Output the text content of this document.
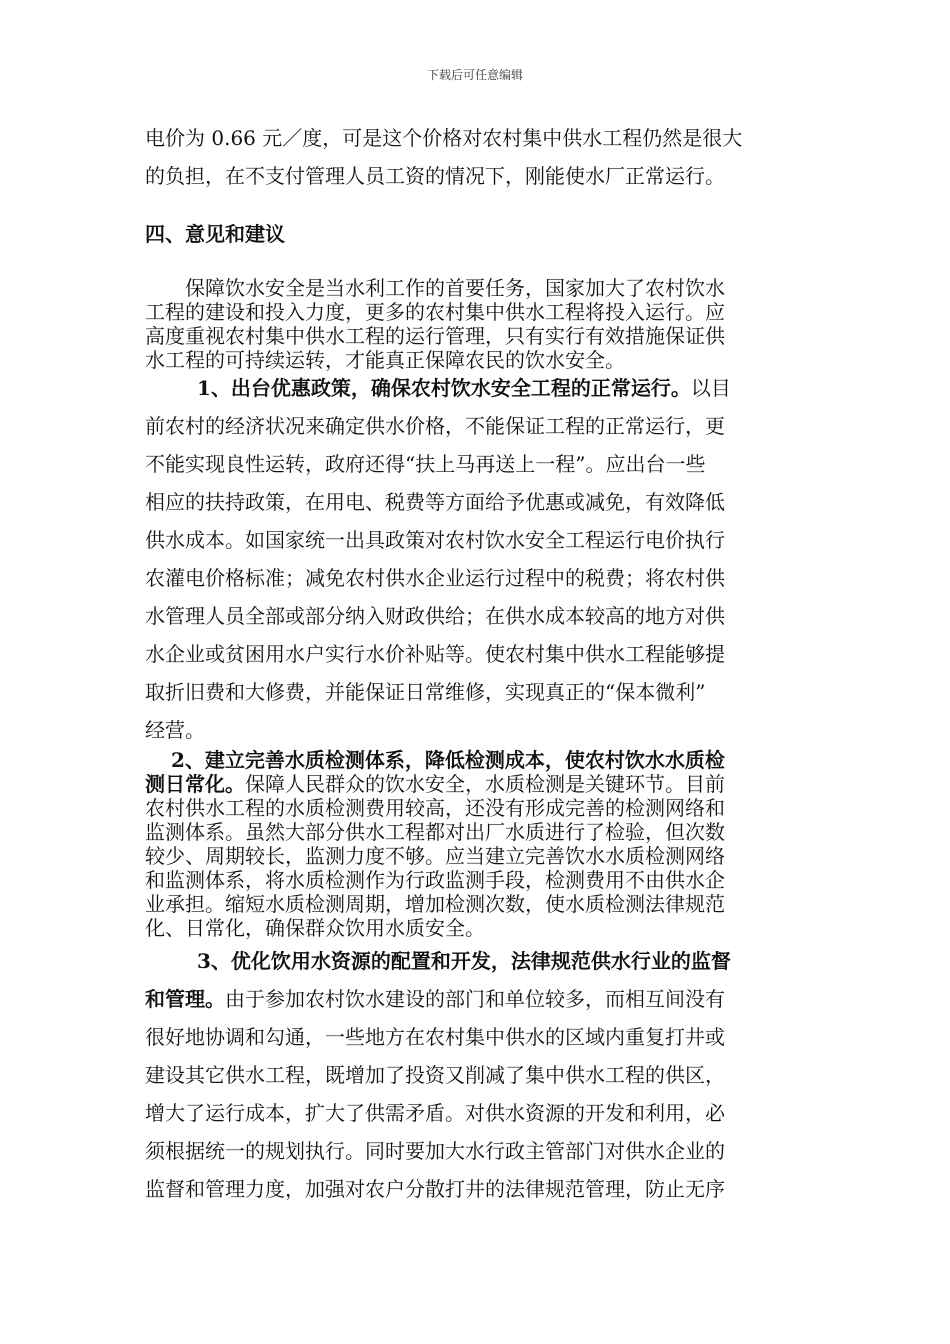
下载后可任意编辑
电价为 0.66 元／度，可是这个价格对农村集中供水工程仍然是很大
的负担，在不支付管理人员工资的情况下，刚能使水厂正常运行。
四、意见和建议
　　保障饮水安全是当水利工作的首要任务，国家加大了农村饮水
工程的建设和投入力度，更多的农村集中供水工程将投入运行。应
高度重视农村集中供水工程的运行管理，只有实行有效措施保证供
水工程的可持续运转，才能真正保障农民的饮水安全。
1、出台优惠政策，确保农村饮水安全工程的正常运行。以目
前农村的经济状况来确定供水价格，不能保证工程的正常运行，更
不能实现良性运转，政府还得“扶上马再送上一程”。应出台一些
相应的扶持政策，在用电、税费等方面给予优惠或减免，有效降低
供水成本。如国家统一出具政策对农村饮水安全工程运行电价执行
农灌电价格标准；减免农村供水企业运行过程中的税费；将农村供
水管理人员全部或部分纳入财政供给；在供水成本较高的地方对供
水企业或贫困用水户实行水价补贴等。使农村集中供水工程能够提
取折旧费和大修费，并能保证日常维修，实现真正的“保本微利”
经营。
2、建立完善水质检测体系，降低检测成本，使农村饮水水质检
测日常化。保障人民群众的饮水安全，水质检测是关键环节。目前
农村供水工程的水质检测费用较高，还没有形成完善的检测网络和
监测体系。虽然大部分供水工程都对出厂水质进行了检验，但次数
较少、周期较长，监测力度不够。应当建立完善饮水水质检测网络
和监测体系，将水质检测作为行政监测手段，检测费用不由供水企
业承担。缩短水质检测周期，增加检测次数，使水质检测法律规范
化、日常化，确保群众饮用水质安全。
3、优化饮用水资源的配置和开发，法律规范供水行业的监督
和管理。由于参加农村饮水建设的部门和单位较多，而相互间没有
很好地协调和勾通，一些地方在农村集中供水的区域内重复打井或
建设其它供水工程，既增加了投资又削减了集中供水工程的供区，
增大了运行成本，扩大了供需矛盾。对供水资源的开发和利用，必
须根据统一的规划执行。同时要加大水行政主管部门对供水企业的
监督和管理力度，加强对农户分散打井的法律规范管理，防止无序
